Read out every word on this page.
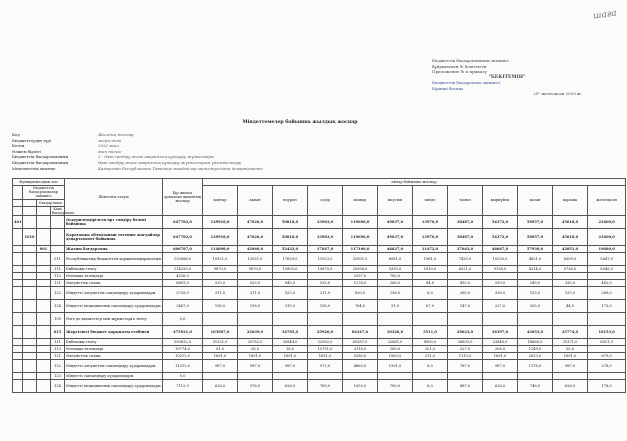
шаға
Бюджеттік бағдарламаның әкімшісі
бұйрығымен № бекітілген
Приложение № к приказу
"БЕКІТЕМІН"
Бюджеттік бағдарлама әкімшісі
Бірінші басшы
25" желтоқсан 2020 ж.
Міндеттемелер бойынша жылдық жоспар
Код	Жылдық жоспар
Бюджеттердің түрі	жергілікті
Кезең	2020 жыл
Өлшем бірлігі	мың теңге
Бюджеттік бағдарламаның	2 - Өрт сөндіру және авариялық-құтқару жұмыстары
Бюджеттік бағдарламаның	Өрт сөндіру және авариялық-құтқару жұмыстарын ұйымдастыру
Мемлекеттік мекеме	Қазақстан Республикасы Төтенше жағдайлар министрлігінің департаменті
Функционалдық топ				Жіктелім атауы	Бір жылға арналған жиынтық жоспар	айлар бойынша жоспар											
	Бюджеттік бағдарламалар әкімшісі					қаңтар	ақпан	наурыз	сәуір	мамыр	маусым	шілде	тамыз	қыркүйек	қазан	қараша	желтоқсан
		Бағдарлама															
			Кіші бағдарлама														
461				Әскерилендірілген өрт сөндіру бөлімі бойынша	647782,0	129918,0	47626,0	50818,0	33983,0	119696,0	49037,0	13970,0	38487,0	54372,0	58957,0	45618,0	23400,0
	1010			Қарағанды облысының төтенше жағдайлар департаменті бойынша	647782,0	129918,0	47626,0	50818,0	33983,0	119696,0	49037,0	13970,0	38487,0	54372,0	58957,0	45618,0	23400,0
		001		Жалпы бағдарлама	606787,0	114898,0	42960,0	52432,0	17847,0	117100,0	46627,0	11472,0	37043,0	46667,0	57930,0	42851,0	19680,0
			011	Республикалық бюджеттен қаржыландырылатын	130066,0	10921,0	13921,0	17659,0	11923,0	32951,0	6081,0	1961,0	7420,0	10250,0	4821,0	6309,0	5647,0
			111	Еңбекақы төлеу	114255,0	9870,0	9870,0	15803,0	10870,0	20956,0	5355,0	1810,0	6521,0	9138,0	4214,0	5726,0	8545,0
			112	Өтемақы төлемдері	4526,0					3357,0	780,0						
			121	Әлеуметтік салық	6891,0	533,0	533,0	845,0	533,0	1276,0	268,0	84,0	492,0	559,0	249,0	335,0	462,0
			122	Міндетті әлеуметтік сақтандыру аударымдары	3729,0	311,0	311,0	552,0	311,0	820,0	158,0	8,0	260,0	326,0	153,0	155,0	269,0
			124	Міндетті медициналық сақтандыру аударымдары	2467,0	158,0	158,0	315,0	158,0	764,0	51,0	67,0	147,0	227,0	205,0	44,0	173,0
			159	Өзге де қызметтер мен жұмыстарға төлеу	0,0												
			015	Жергілікті бюджет қаражаты есебінен	475921,0	103987,0	22039,0	34785,0	25926,0	84347,0	30326,0	5511,0	29623,0	36397,0	43053,0	25774,0	10153,0
			111	Еңбекақы төлеу	390832,0	31331,0	20782,0	30844,0	23082,0	65587,0	22861,0	4900,0	26893,0	23849,0	18666,0	31371,0	8011,0
			113	Өтемақы төлемдері	19774,0	51,0	58,0	18,0	15751,0	3118,0	180,0	201,0	227,0	208,0	1149,0	50,0	
			121	Әлеуметтік салық	19212,0	1691,0	1691,0	1691,0	1691,0	5280,0	1063,0	311,0	1113,0	1691,0	2613,0	1691,0	679,0
			122	Міндетті әлеуметтік сақтандыру аударымдары	11212,0	987,0	987,0	987,0	972,0	4663,0	1501,0	8,0	767,0	987,0	1176,0	987,0	278,0
			123	Міндетті сақтандыру аударымдары	0,0												
			124	Міндетті медициналық сақтандыру аударымдары	7112,0	626,0	576,0	626,0	789,0	1053,0	780,0	8,0	487,0	626,0	746,0	626,0	178,0
